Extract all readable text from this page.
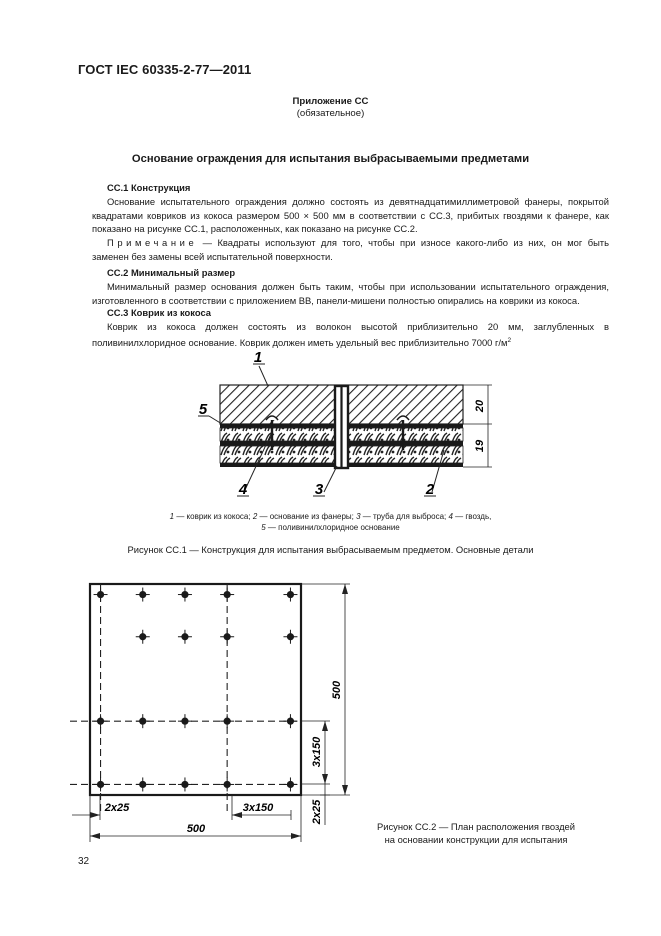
ГОСТ IEC 60335-2-77—2011
Приложение СС
(обязательное)
Основание ограждения для испытания выбрасываемыми предметами
СС.1 Конструкция
Основание испытательного ограждения должно состоять из девятнадцатимиллиметровой фанеры, покрытой квадратами ковриков из кокоса размером 500 × 500 мм в соответствии с СС.3, прибитых гвоздями к фанере, как показано на рисунке СС.1, расположенных, как показано на рисунке СС.2.
Примечание — Квадраты используют для того, чтобы при износе какого-либо из них, он мог быть заменен без замены всей испытательной поверхности.
СС.2 Минимальный размер
Минимальный размер основания должен быть таким, чтобы при использовании испытательного ограждения, изготовленного в соответствии с приложением ВВ, панели-мишени полностью опирались на коврики из кокоса.
СС.3 Коврик из кокоса
Коврик из кокоса должен состоять из волокон высотой приблизительно 20 мм, заглубленных в поливинилхлоридное основание. Коврик должен иметь удельный вес приблизительно 7000 $г/м^2$
20
19
1
5
4	3	2
1 — коврик из кокоса; 2 — основание из фанеры; 3 — труба для выброса; 4 — гвоздь,
5 — поливинилхлоридное основание
Рисунок СС.1 — Конструкция для испытания выбрасываемым предметом. Основные детали
500
3x150
2x25
2x25	3x150
500	Рисунок СС.2 — План расположения гвоздей
на основании конструкции для испытания
32
